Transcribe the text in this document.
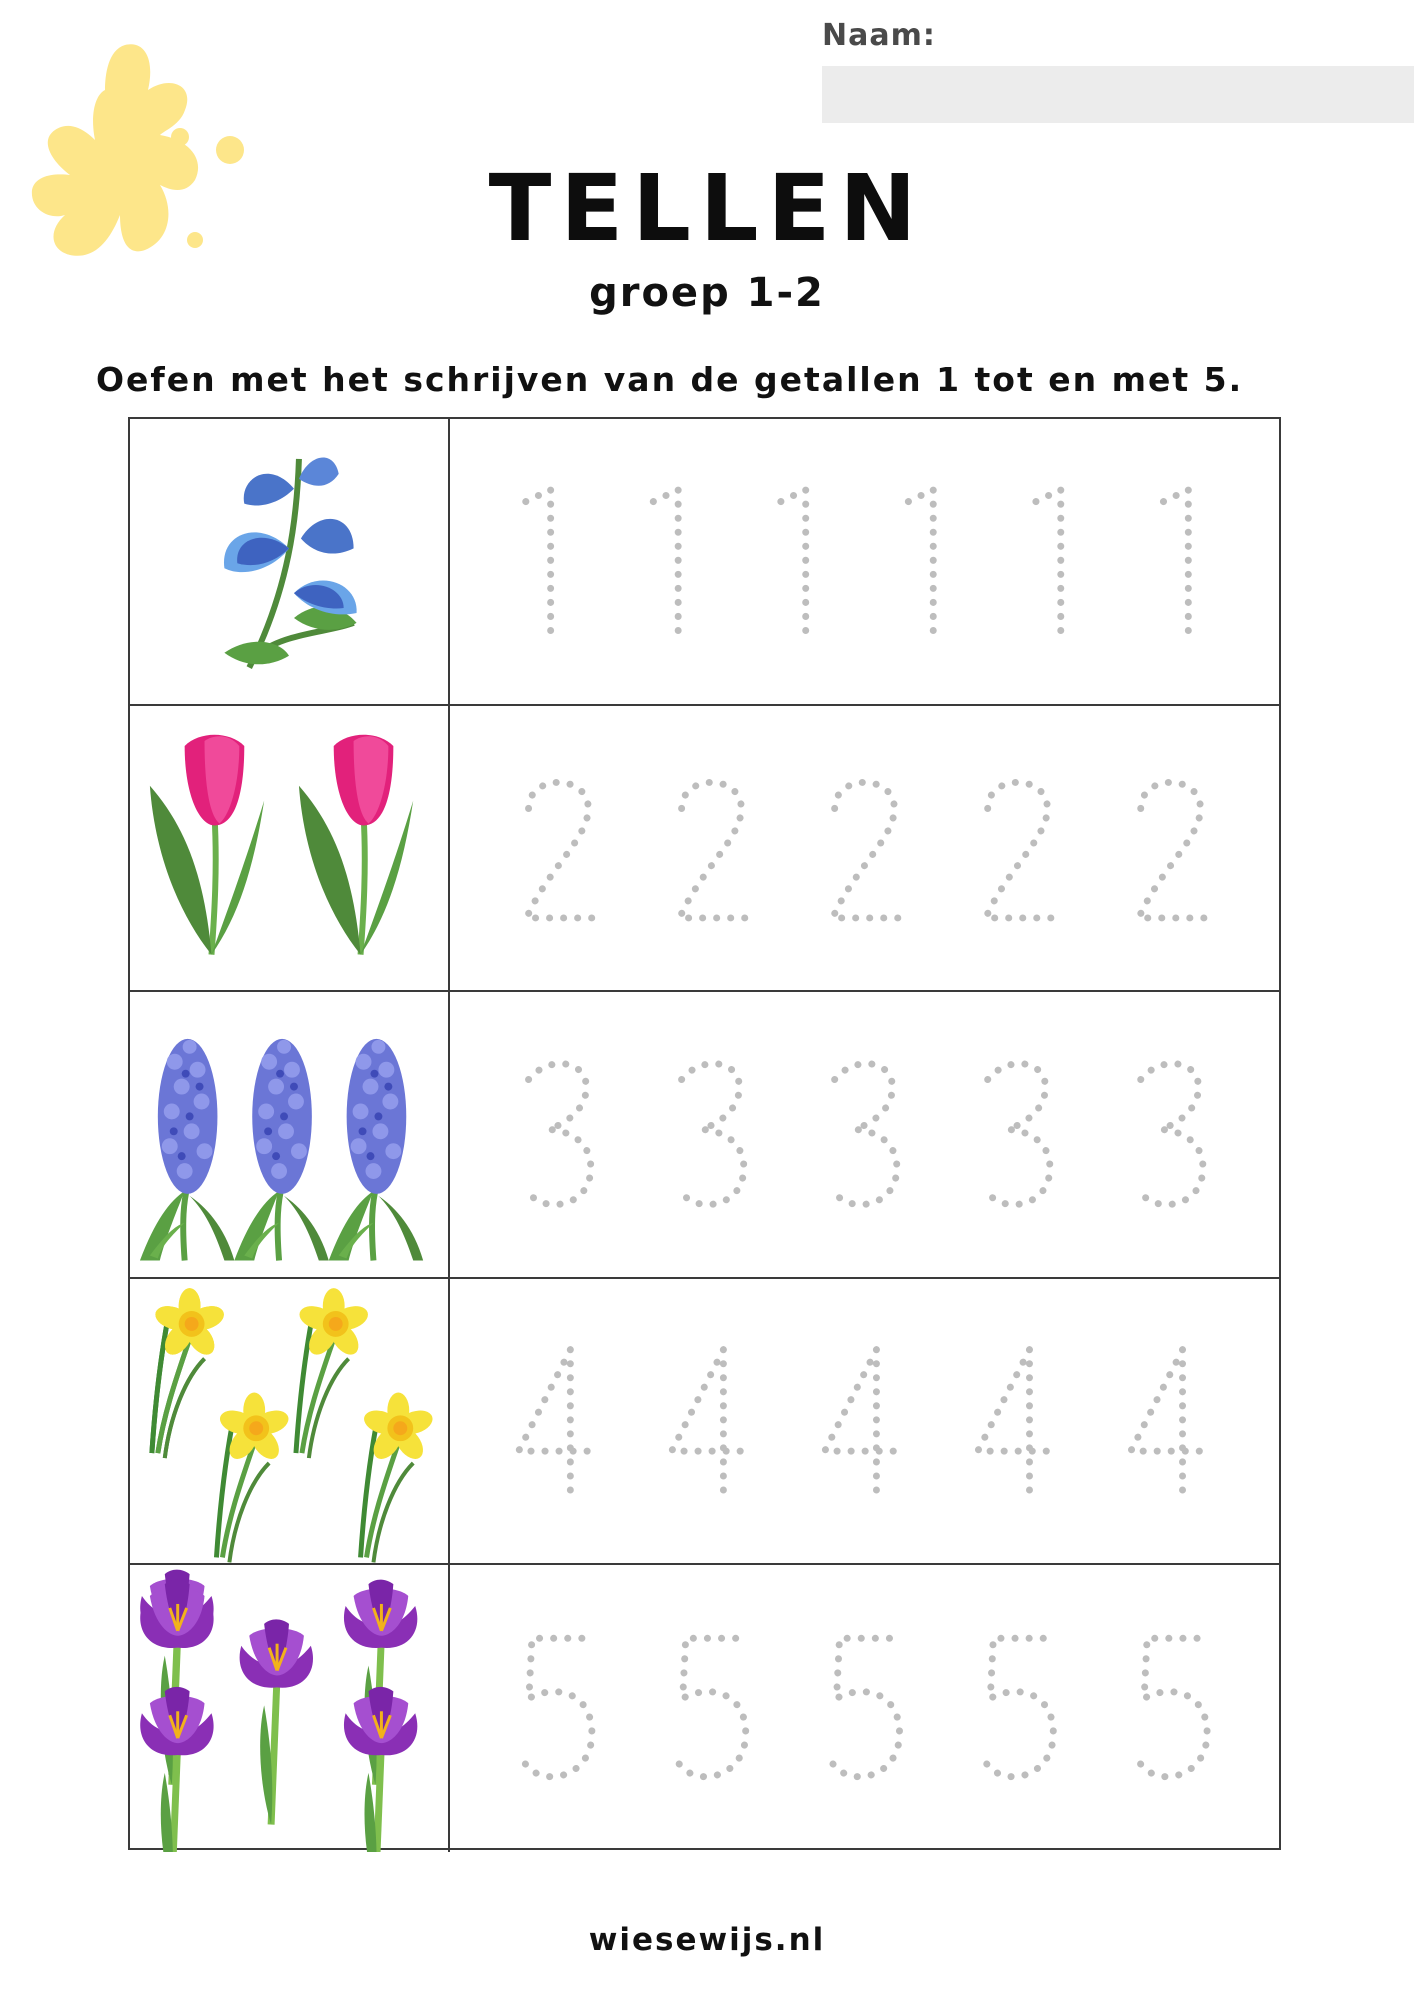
Naam:
TELLEN
groep 1-2
Oefen met het schrijven van de getallen 1 tot en met 5.
wiesewijs.nl
